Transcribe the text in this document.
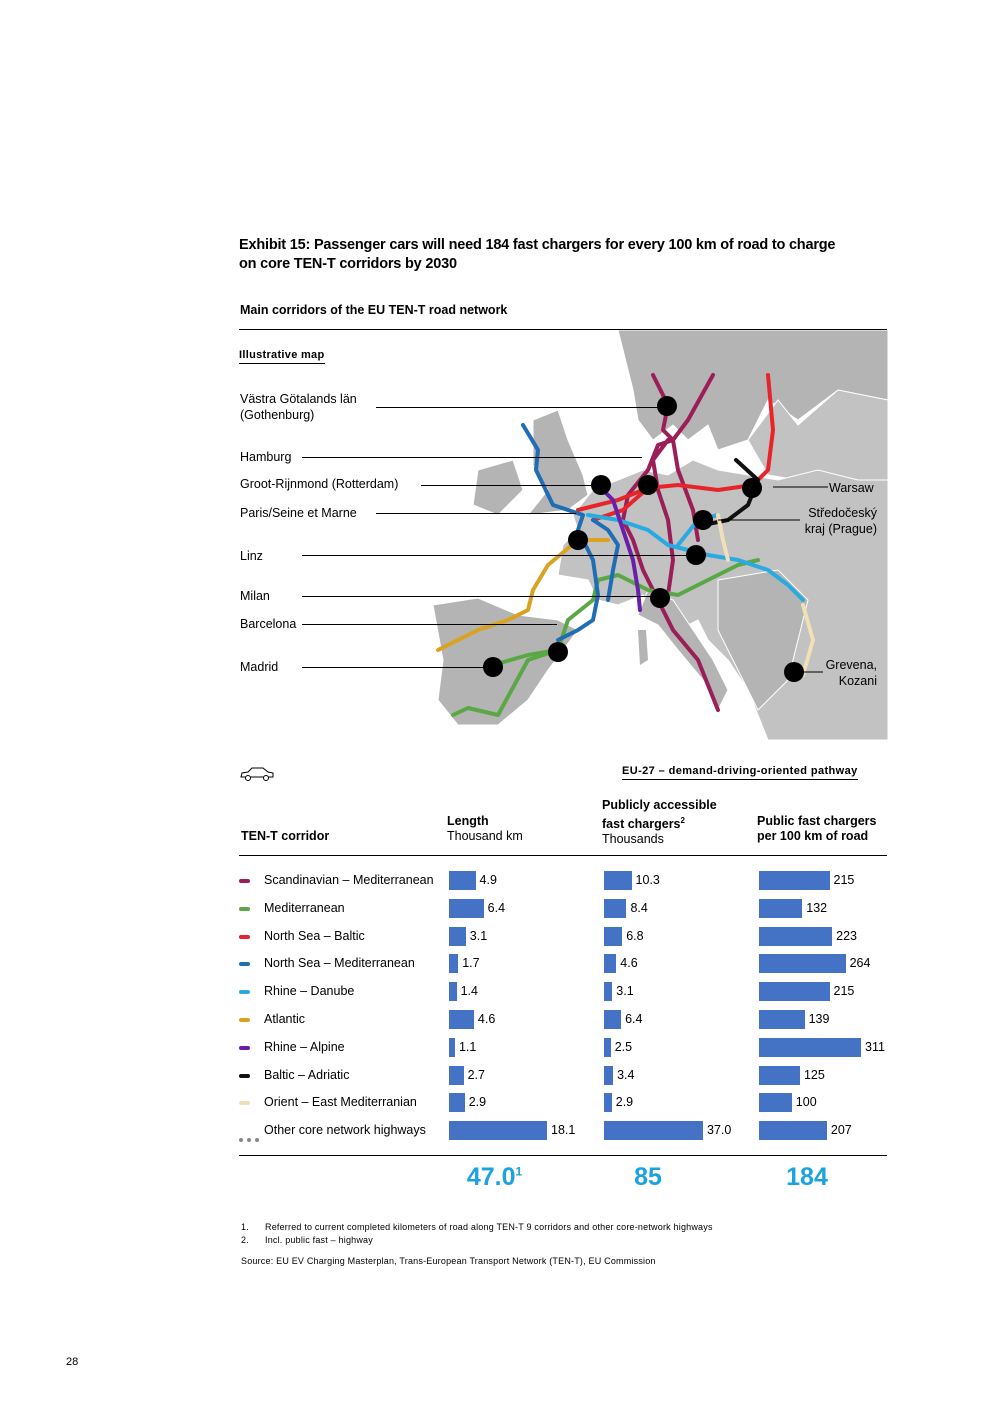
Exhibit 15: Passenger cars will need 184 fast chargers for every 100 km of road to charge
on core TEN-T corridors by 2030
Main corridors of the EU TEN-T road network
Illustrative map
Västra Götalands län
(Gothenburg)
Hamburg
Groot-Rijnmond (Rotterdam)
Paris/Seine et Marne
Linz
Milan
Barcelona
Madrid
Warsaw
Středočeský
kraj (Prague)
Grevena,
Kozani
EU-27 – demand-driving-oriented pathway
TEN-T corridor
Length
Thousand km
Publicly accessible
fast chargers$^2$
Thousands
Public fast chargers
per 100 km of road
Scandinavian – Mediterranean	4.9	10.3	215
Mediterranean	6.4	8.4	132
North Sea – Baltic	3.1	6.8	223
North Sea – Mediterranean	1.7	4.6	264
Rhine – Danube	1.4	3.1	215
Atlantic	4.6	6.4	139
Rhine – Alpine	1.1	2.5	311
Baltic – Adriatic	2.7	3.4	125
Orient – East Mediterranian	2.9	2.9	100
Other core network highways	18.1	37.0	207
47.0$^1$	85	184
1. Referred to current completed kilometers of road along TEN-T 9 corridors and other core-network highways
2. Incl. public fast – highway
Source: EU EV Charging Masterplan, Trans-European Transport Network (TEN-T), EU Commission
28
